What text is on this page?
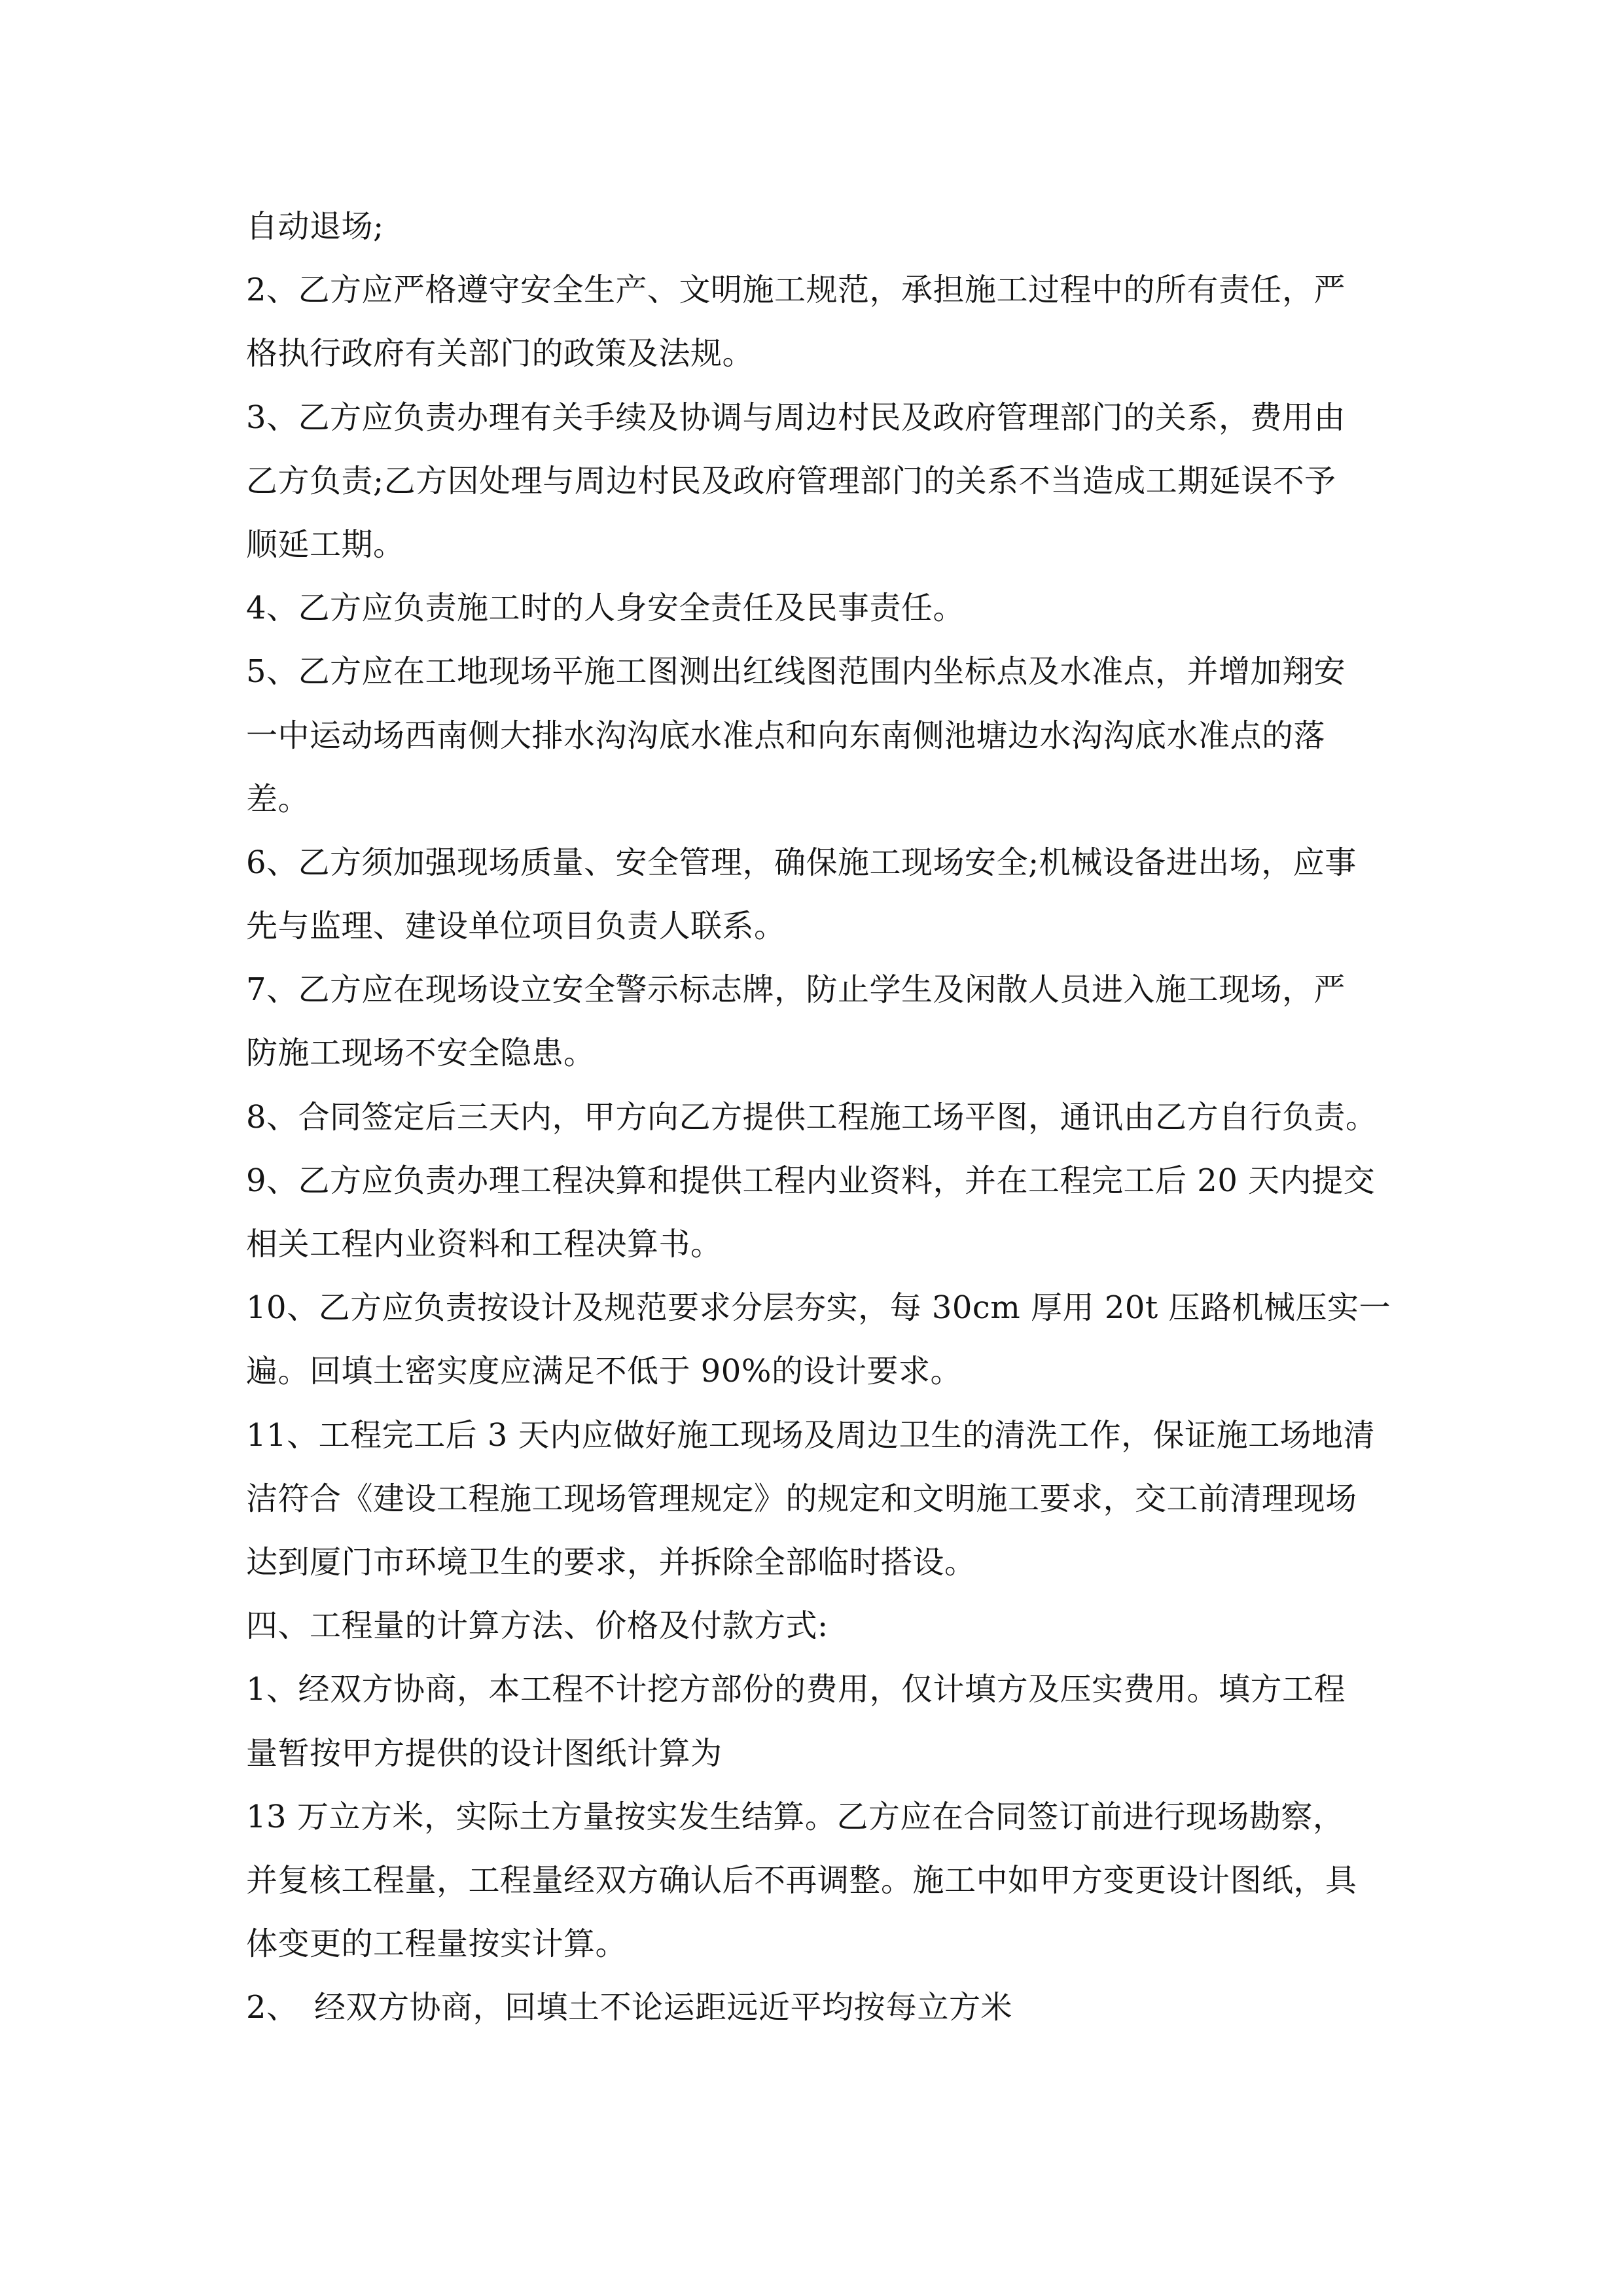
自动退场;
2、乙方应严格遵守安全生产、文明施工规范，承担施工过程中的所有责任，严
格执行政府有关部门的政策及法规。
3、乙方应负责办理有关手续及协调与周边村民及政府管理部门的关系，费用由
乙方负责;乙方因处理与周边村民及政府管理部门的关系不当造成工期延误不予
顺延工期。
4、乙方应负责施工时的人身安全责任及民事责任。
5、乙方应在工地现场平施工图测出红线图范围内坐标点及水准点，并增加翔安
一中运动场西南侧大排水沟沟底水准点和向东南侧池塘边水沟沟底水准点的落
差。
6、乙方须加强现场质量、安全管理，确保施工现场安全;机械设备进出场，应事
先与监理、建设单位项目负责人联系。
7、乙方应在现场设立安全警示标志牌，防止学生及闲散人员进入施工现场，严
防施工现场不安全隐患。
8、合同签定后三天内，甲方向乙方提供工程施工场平图，通讯由乙方自行负责。
9、乙方应负责办理工程决算和提供工程内业资料，并在工程完工后 20 天内提交
相关工程内业资料和工程决算书。
10、乙方应负责按设计及规范要求分层夯实，每 30cm 厚用 20t 压路机械压实一
遍。回填土密实度应满足不低于 90%的设计要求。
11、工程完工后 3 天内应做好施工现场及周边卫生的清洗工作，保证施工场地清
洁符合《建设工程施工现场管理规定》的规定和文明施工要求，交工前清理现场
达到厦门市环境卫生的要求，并拆除全部临时搭设。
四、工程量的计算方法、价格及付款方式:
1、经双方协商，本工程不计挖方部份的费用，仅计填方及压实费用。填方工程
量暂按甲方提供的设计图纸计算为
13 万立方米，实际土方量按实发生结算。乙方应在合同签订前进行现场勘察，
并复核工程量，工程量经双方确认后不再调整。施工中如甲方变更设计图纸，具
体变更的工程量按实计算。
2、　经双方协商，回填土不论运距远近平均按每立方米
